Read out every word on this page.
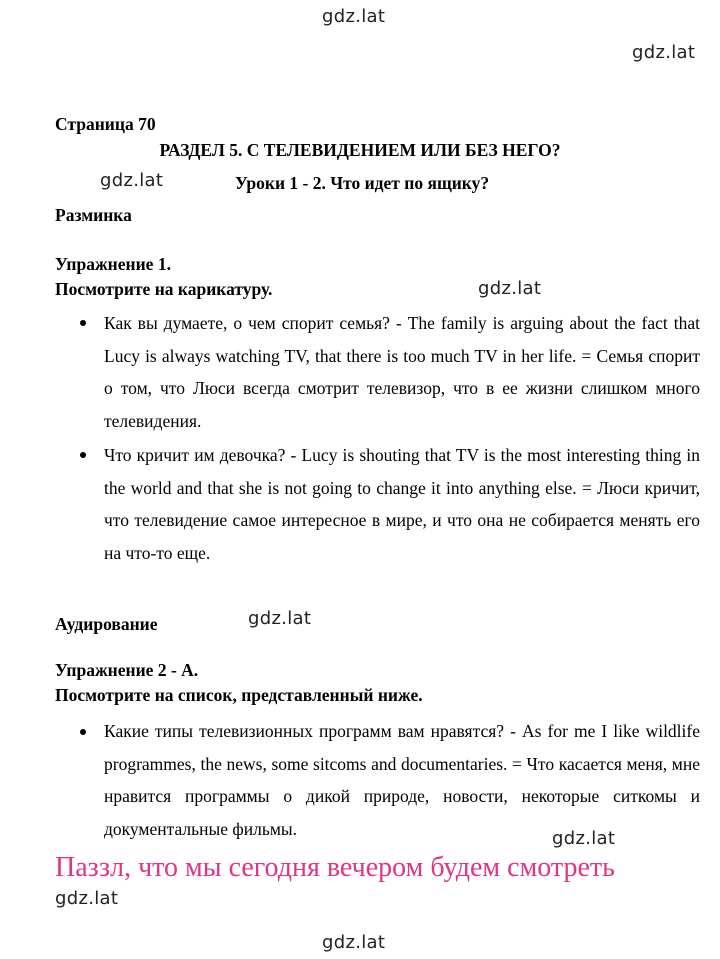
gdz.lat
gdz.lat
gdz.lat
gdz.lat
gdz.lat
gdz.lat
gdz.lat
gdz.lat
Страница 70
РАЗДЕЛ 5. С ТЕЛЕВИДЕНИЕМ ИЛИ БЕЗ НЕГО?
Уроки 1 - 2. Что идет по ящику?
Разминка
Упражнение 1.
Посмотрите на карикатуру.
Как вы думаете, о чем спорит семья? - The family is arguing about the fact that Lucy is always watching TV, that there is too much TV in her life. = Семья спорит о том, что Люси всегда смотрит телевизор, что в ее жизни слишком много телевидения.
Что кричит им девочка? - Lucy is shouting that TV is the most interesting thing in the world and that she is not going to change it into anything else. = Люси кричит, что телевидение самое интересное в мире, и что она не собирается менять его на что-то еще.
Аудирование
Упражнение 2 - А.
Посмотрите на список, представленный ниже.
Какие типы телевизионных программ вам нравятся? - As for me I like wildlife programmes, the news, some sitcoms and documentaries. = Что касается меня, мне нравится программы о дикой природе, новости, некоторые ситкомы и документальные фильмы.
Паззл, что мы сегодня вечером будем смотреть
